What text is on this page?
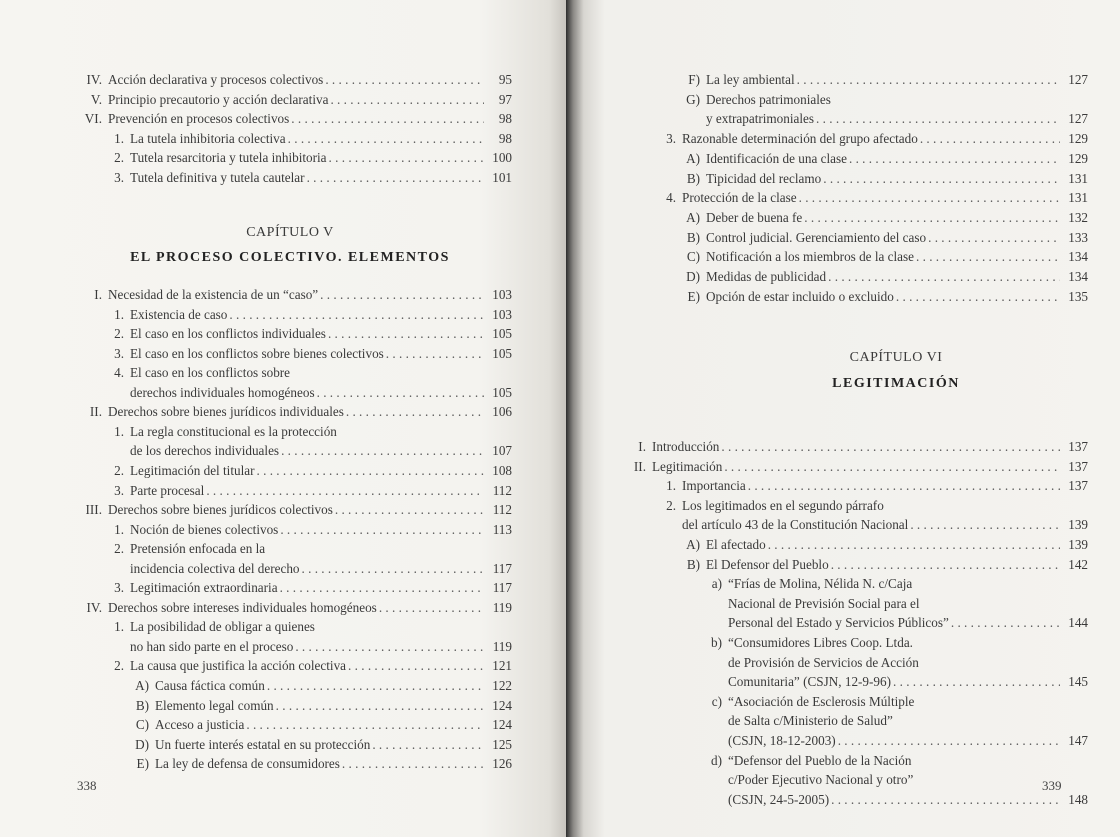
IV. Acción declarativa y procesos colectivos . . .	95
V. Principio precautorio y acción declarativa . . .	97
VI. Prevención en procesos colectivos . . .	98
1. La tutela inhibitoria colectiva . . .	98
2. Tutela resarcitoria y tutela inhibitoria . . .	100
3. Tutela definitiva y tutela cautelar . . .	101
I. Necesidad de la existencia de un “caso” . . .	103
1. Existencia de caso . . .	103
2. El caso en los conflictos individuales . . .	105
3. El caso en los conflictos sobre bienes colectivos . . .	105
4. El caso en los conflictos sobre
derechos individuales homogéneos . . .	105
II. Derechos sobre bienes jurídicos individuales . . .	106
1. La regla constitucional es la protección
de los derechos individuales . . .	107
2. Legitimación del titular . . .	108
3. Parte procesal . . .	112
III. Derechos sobre bienes jurídicos colectivos . . .	112
1. Noción de bienes colectivos . . .	113
2. Pretensión enfocada en la
incidencia colectiva del derecho . . .	117
3. Legitimación extraordinaria . . .	117
IV. Derechos sobre intereses individuales homogéneos . . .	119
1. La posibilidad de obligar a quienes
no han sido parte en el proceso . . .	119
2. La causa que justifica la acción colectiva . . .	121
A) Causa fáctica común . . .	122
B) Elemento legal común . . .	124
C) Acceso a justicia . . .	124
D) Un fuerte interés estatal en su protección . . .	125
E) La ley de defensa de consumidores . . .	126
CAPÍTULO V
EL PROCESO COLECTIVO. ELEMENTOS
338
F) La ley ambiental . . .	127
G) Derechos patrimoniales
y extrapatrimoniales . . .	127
3. Razonable determinación del grupo afectado . . .	129
A) Identificación de una clase . . .	129
B) Tipicidad del reclamo . . .	131
4. Protección de la clase . . .	131
A) Deber de buena fe . . .	132
B) Control judicial. Gerenciamiento del caso . . .	133
C) Notificación a los miembros de la clase . . .	134
D) Medidas de publicidad . . .	134
E) Opción de estar incluido o excluido . . .	135
I. Introducción . . .	137
II. Legitimación . . .	137
1. Importancia . . .	137
2. Los legitimados en el segundo párrafo
del artículo 43 de la Constitución Nacional . . .	139
A) El afectado . . .	139
B) El Defensor del Pueblo . . .	142
a) “Frías de Molina, Nélida N. c/Caja
Nacional de Previsión Social para el
Personal del Estado y Servicios Públicos” . . .	144
b) “Consumidores Libres Coop. Ltda.
de Provisión de Servicios de Acción
Comunitaria” (CSJN, 12-9-96) . . .	145
c) “Asociación de Esclerosis Múltiple
de Salta c/Ministerio de Salud”
(CSJN, 18-12-2003) . . .	147
d) “Defensor del Pueblo de la Nación
c/Poder Ejecutivo Nacional y otro”
(CSJN, 24-5-2005) . . .	148
CAPÍTULO VI
LEGITIMACIÓN
339
